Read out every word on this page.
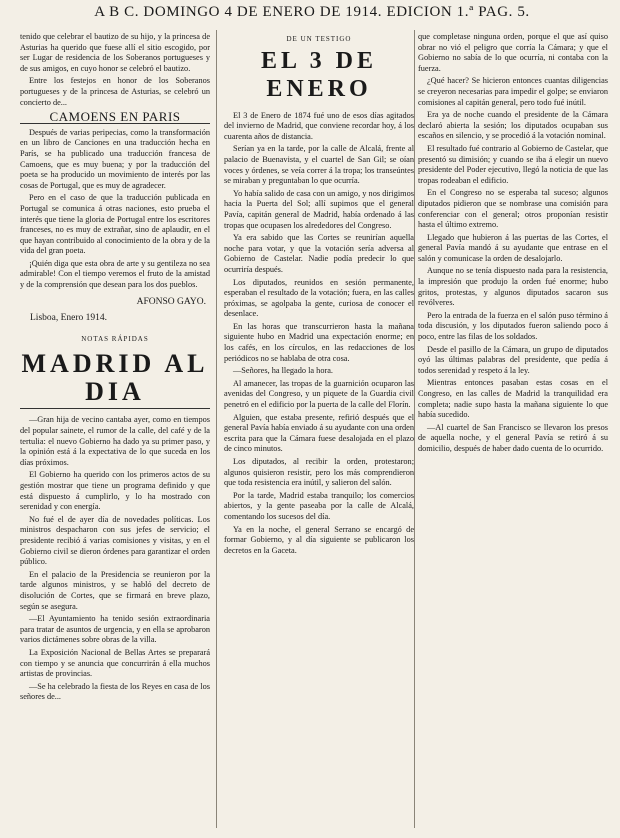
A B C. DOMINGO 4 DE ENERO DE 1914. EDICION 1.ª PAG. 5.

tenido que celebrar el bautizo de su hijo, y la princesa de Asturias ha querido que fuese allí el sitio escogido, por ser Lugar de residencia de los Soberanos portugueses y de sus amigos, en cuyo honor se celebró el bautizo.

Entre los festejos en honor de los Soberanos portugueses y de la princesa de Asturias, se celebró un concierto de...

CAMOENS EN PARIS

Después de varias peripecias, como la transformación en un libro de Canciones en una traducción hecha en París, se ha publicado una traducción francesa de Camoens, que es muy buena; y por la traducción del poeta se ha producido un movimiento de interés por las cosas de Portugal, que es muy de agradecer.

Pero en el caso de que la traducción publicada en Portugal se comunica á otras naciones, esto prueba el interés que tiene la gloria de Portugal entre los escritores franceses, no es muy de extrañar, sino de aplaudir, en el que hayan contribuido al conocimiento de la obra y de la vida del gran poeta.

¡Quién diga que esta obra de arte y su gentileza no sea admirable! Con el tiempo veremos el fruto de la amistad y de la comprensión que desean para los dos pueblos.

AFONSO GAYO.
Lisboa, Enero 1914.
NOTAS RÁPIDAS
MADRID AL DIA

—Gran hija de vecino cantaba ayer, como en tiempos del popular sainete, el rumor de la calle, del café y de la tertulia: el nuevo Gobierno ha dado ya su primer paso, y la opinión está á la expectativa de lo que suceda en los días próximos.

El Gobierno ha querido con los primeros actos de su gestión mostrar que tiene un programa definido y que está dispuesto á cumplirlo, y lo ha mostrado con serenidad y con energía.

No fué el de ayer día de novedades políticas. Los ministros despacharon con sus jefes de servicio; el presidente recibió á varias comisiones y visitas, y en el Gobierno civil se dieron órdenes para garantizar el orden público.

En el palacio de la Presidencia se reunieron por la tarde algunos ministros, y se habló del decreto de disolución de Cortes, que se firmará en breve plazo, según se asegura.

—El Ayuntamiento ha tenido sesión extraordinaria para tratar de asuntos de urgencia, y en ella se aprobaron varios dictámenes sobre obras de la villa.

La Exposición Nacional de Bellas Artes se preparará con tiempo y se anuncia que concurrirán á ella muchos artistas de provincias.

—Se ha celebrado la fiesta de los Reyes en casa de los señores de...

DE UN TESTIGO
EL 3 DE ENERO

El 3 de Enero de 1874 fué uno de esos días agitados del invierno de Madrid, que conviene recordar hoy, á los cuarenta años de distancia.

Serían ya en la tarde, por la calle de Alcalá, frente al palacio de Buenavista, y el cuartel de San Gil; se oían voces y órdenes, se veía correr á la tropa; los transeúntes se miraban y preguntaban lo que ocurría.

Yo había salido de casa con un amigo, y nos dirigimos hacia la Puerta del Sol; allí supimos que el general Pavía, capitán general de Madrid, había ordenado á las tropas que ocupasen los alrededores del Congreso.

Ya era sabido que las Cortes se reunirían aquella noche para votar, y que la votación sería adversa al Gobierno de Castelar. Nadie podía predecir lo que ocurriría después.

Los diputados, reunidos en sesión permanente, esperaban el resultado de la votación; fuera, en las calles próximas, se agolpaba la gente, curiosa de conocer el desenlace.

En las horas que transcurrieron hasta la mañana siguiente hubo en Madrid una expectación enorme; en los cafés, en los círculos, en las redacciones de los periódicos no se hablaba de otra cosa.

—Señores, ha llegado la hora.

Al amanecer, las tropas de la guarnición ocuparon las avenidas del Congreso, y un piquete de la Guardia civil penetró en el edificio por la puerta de la calle del Florín.

Alguien, que estaba presente, refirió después que el general Pavía había enviado á su ayudante con una orden escrita para que la Cámara fuese desalojada en el plazo de cinco minutos.

Los diputados, al recibir la orden, protestaron; algunos quisieron resistir, pero los más comprendieron que toda resistencia era inútil, y salieron del salón.

Por la tarde, Madrid estaba tranquilo; los comercios abiertos, y la gente paseaba por la calle de Alcalá, comentando los sucesos del día.

Ya en la noche, el general Serrano se encargó de formar Gobierno, y al día siguiente se publicaron los decretos en la Gaceta.

que completase ninguna orden, porque el que así quiso obrar no vió el peligro que corría la Cámara; y que el Gobierno no sabía de lo que ocurría, ni contaba con la fuerza.

¿Qué hacer? Se hicieron entonces cuantas diligencias se creyeron necesarias para impedir el golpe; se enviaron comisiones al capitán general, pero todo fué inútil.

Era ya de noche cuando el presidente de la Cámara declaró abierta la sesión; los diputados ocupaban sus escaños en silencio, y se procedió á la votación nominal.

El resultado fué contrario al Gobierno de Castelar, que presentó su dimisión; y cuando se iba á elegir un nuevo presidente del Poder ejecutivo, llegó la noticia de que las tropas rodeaban el edificio.

En el Congreso no se esperaba tal suceso; algunos diputados pidieron que se nombrase una comisión para conferenciar con el general; otros proponían resistir hasta el último extremo.

Llegado que hubieron á las puertas de las Cortes, el general Pavía mandó á su ayudante que entrase en el salón y comunicase la orden de desalojarlo.

Aunque no se tenía dispuesto nada para la resistencia, la impresión que produjo la orden fué enorme; hubo gritos, protestas, y algunos diputados sacaron sus revólveres.

Pero la entrada de la fuerza en el salón puso término á toda discusión, y los diputados fueron saliendo poco á poco, entre las filas de los soldados.

Desde el pasillo de la Cámara, un grupo de diputados oyó las últimas palabras del presidente, que pedía á todos serenidad y respeto á la ley.

Mientras entonces pasaban estas cosas en el Congreso, en las calles de Madrid la tranquilidad era completa; nadie supo hasta la mañana siguiente lo que había sucedido.

—Al cuartel de San Francisco se llevaron los presos de aquella noche, y el general Pavía se retiró á su domicilio, después de haber dado cuenta de lo ocurrido.
